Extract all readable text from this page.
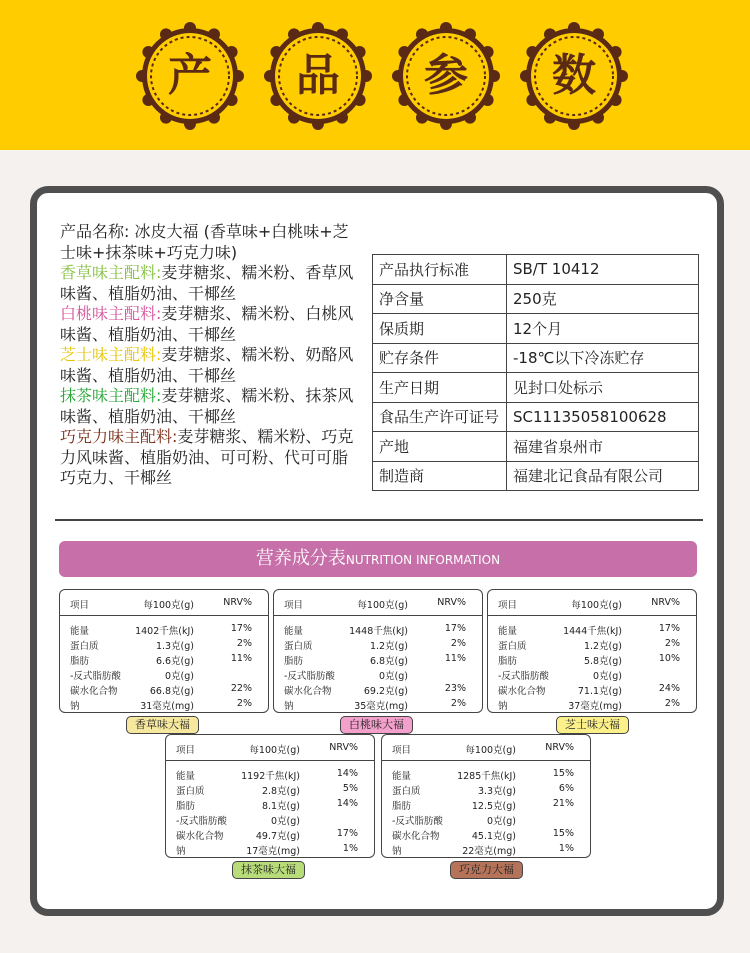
产	品	参	数

产品名称: 冰皮大福 (香草味+白桃味+芝士味+抹茶味+巧克力味)

香草味主配料:麦芽糖浆、糯米粉、香草风味酱、植脂奶油、干椰丝

白桃味主配料:麦芽糖浆、糯米粉、白桃风味酱、植脂奶油、干椰丝

芝士味主配料:麦芽糖浆、糯米粉、奶酪风味酱、植脂奶油、干椰丝

抹茶味主配料:麦芽糖浆、糯米粉、抹茶风味酱、植脂奶油、干椰丝

巧克力味主配料:麦芽糖浆、糯米粉、巧克力风味酱、植脂奶油、可可粉、代可可脂巧克力、干椰丝

产品执行标准	SB/T 10412
净含量	250克
保质期	12个月
贮存条件	-18℃以下冷冻贮存
生产日期	见封口处标示
食品生产许可证号	SC11135058100628
产地	福建省泉州市
制造商	福建北记食品有限公司
营养成分表NUTRITION INFORMATION
项目	每100克(g)	NRV%
能量	1402千焦(kJ)	17%
蛋白质	1.3克(g)	2%
脂肪	6.6克(g)	11%
-反式脂肪酸	0克(g)
碳水化合物	66.8克(g)	22%
钠	31毫克(mg)	2%
香草味大福
项目	每100克(g)	NRV%
能量	1448千焦(kJ)	17%
蛋白质	1.2克(g)	2%
脂肪	6.8克(g)	11%
-反式脂肪酸	0克(g)
碳水化合物	69.2克(g)	23%
钠	35毫克(mg)	2%
白桃味大福
项目	每100克(g)	NRV%
能量	1444千焦(kJ)	17%
蛋白质	1.2克(g)	2%
脂肪	5.8克(g)	10%
-反式脂肪酸	0克(g)
碳水化合物	71.1克(g)	24%
钠	37毫克(mg)	2%
芝士味大福
项目	每100克(g)	NRV%
能量	1192千焦(kJ)	14%
蛋白质	2.8克(g)	5%
脂肪	8.1克(g)	14%
-反式脂肪酸	0克(g)
碳水化合物	49.7克(g)	17%
钠	17毫克(mg)	1%
抹茶味大福
项目	每100克(g)	NRV%
能量	1285千焦(kJ)	15%
蛋白质	3.3克(g)	6%
脂肪	12.5克(g)	21%
-反式脂肪酸	0克(g)
碳水化合物	45.1克(g)	15%
钠	22毫克(mg)	1%
巧克力大福
